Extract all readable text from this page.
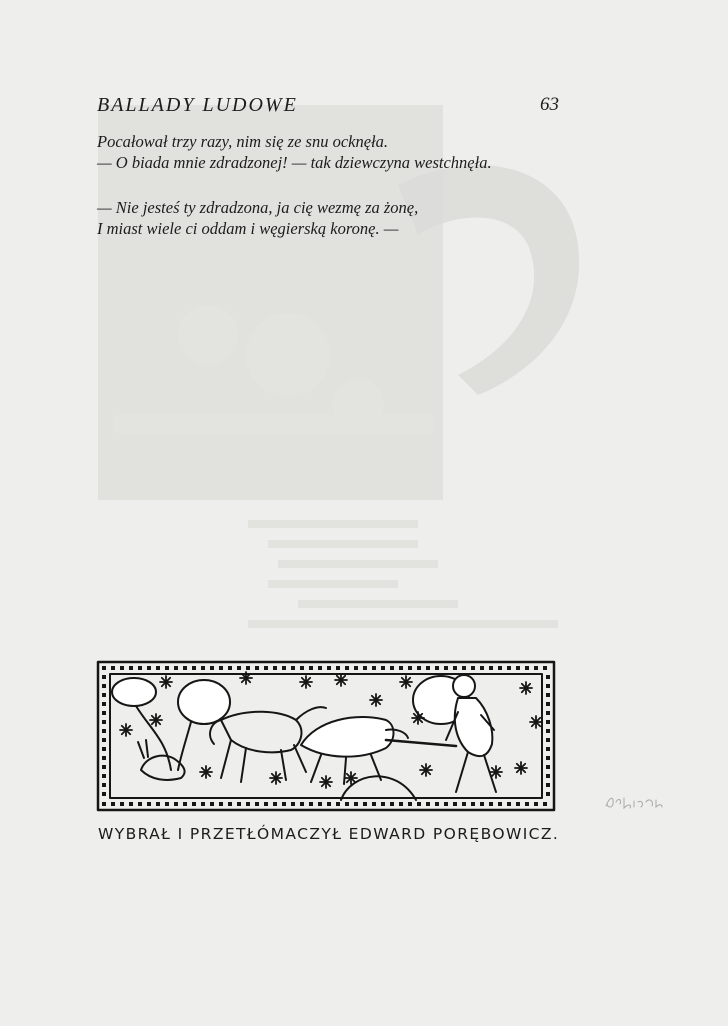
BALLADY LUDOWE	63
Pocałował trzy razy, nim się ze snu ocknęła.
— O biada mnie zdradzonej! — tak dziewczyna westchnęła.
— Nie jesteś ty zdradzona, ja cię wezmę za żonę,
I miast wiele ci oddam i węgierską koronę. —
WYBRAŁ I PRZETŁÓMACZYŁ EDWARD PORĘBOWICZ.
